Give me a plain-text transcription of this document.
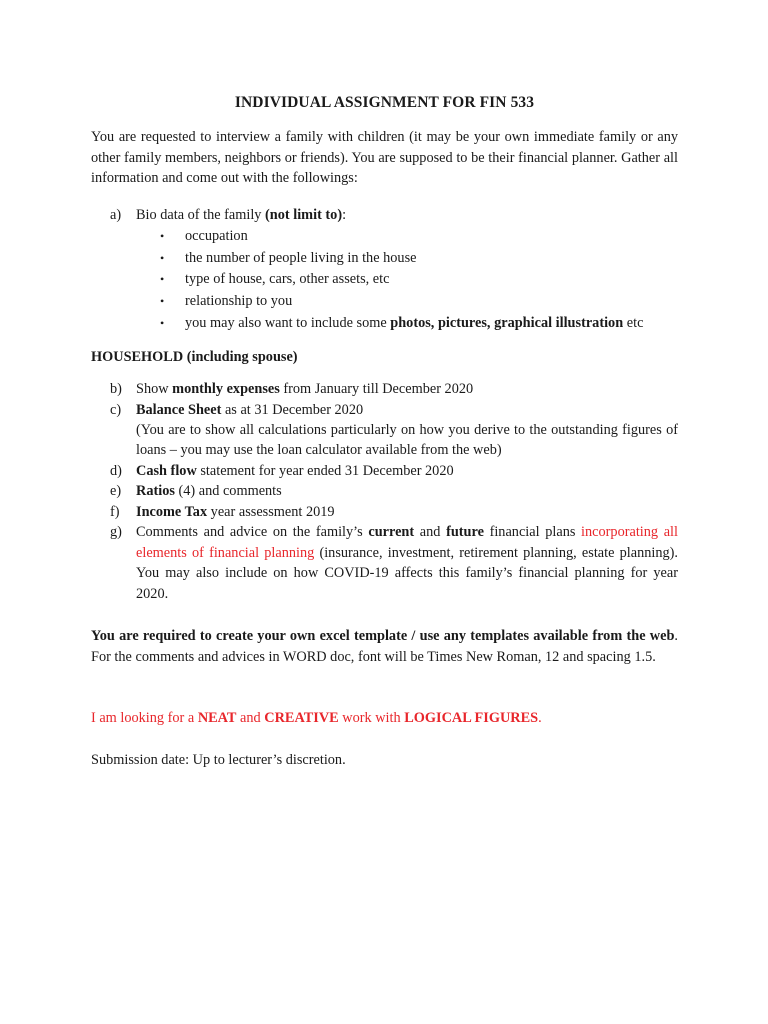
INDIVIDUAL ASSIGNMENT FOR FIN 533
You are requested to interview a family with children (it may be your own immediate family or any other family members, neighbors or friends). You are supposed to be their financial planner. Gather all information and come out with the followings:
a)	Bio data of the family (not limit to):
• occupation
• the number of people living in the house
• type of house, cars, other assets, etc
• relationship to you
• you may also want to include some photos, pictures, graphical illustration etc
HOUSEHOLD (including spouse)
b) Show monthly expenses from January till December 2020
c)	Balance Sheet as at 31 December 2020
(You are to show all calculations particularly on how you derive to the outstanding figures of loans – you may use the loan calculator available from the web)
d) Cash flow statement for year ended 31 December 2020
e)	Ratios (4) and comments
f)	Income Tax year assessment 2019
g) Comments and advice on the family’s current and future financial plans incorporating all elements of financial planning (insurance, investment, retirement planning, estate planning). You may also include on how COVID-19 affects this family’s financial planning for year 2020.
You are required to create your own excel template / use any templates available from the web. For the comments and advices in WORD doc, font will be Times New Roman, 12 and spacing 1.5.
I am looking for a NEAT and CREATIVE work with LOGICAL FIGURES.
Submission date: Up to lecturer’s discretion.
